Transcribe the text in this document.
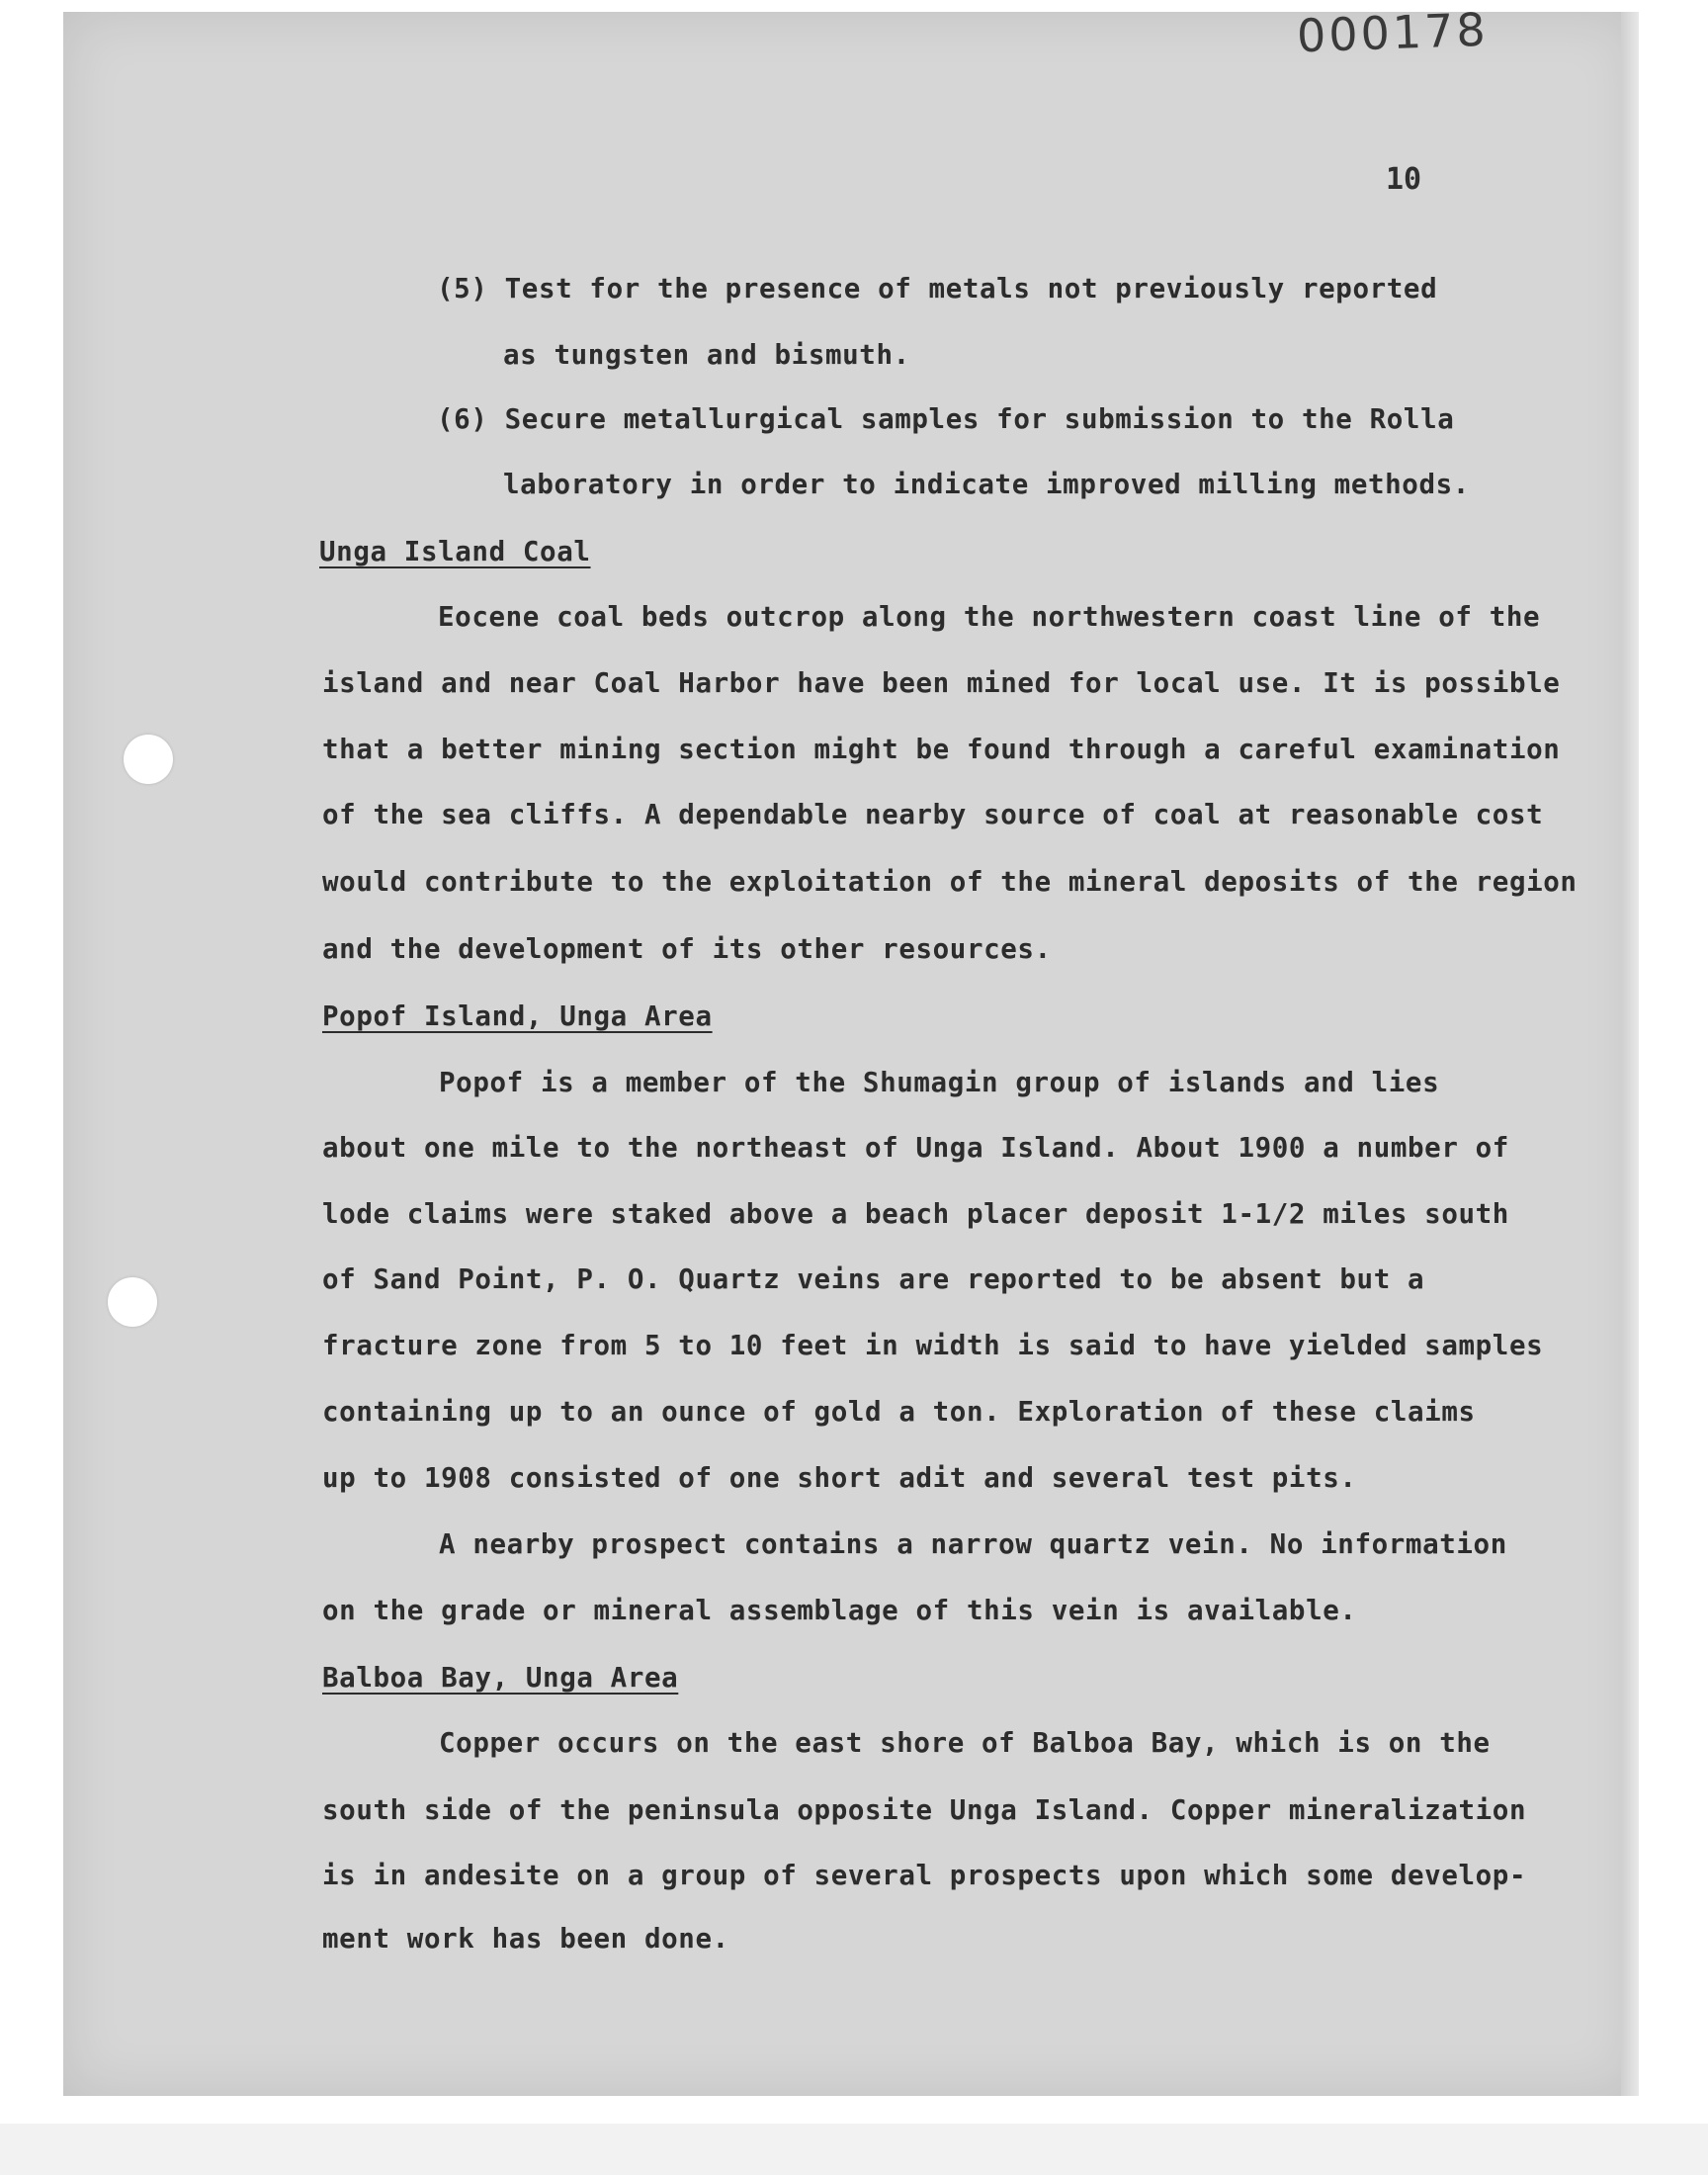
000178
10
(5) Test for the presence of metals not previously reported
as tungsten and bismuth.
(6) Secure metallurgical samples for submission to the Rolla
laboratory in order to indicate improved milling methods.
Unga Island Coal
Eocene coal beds outcrop along the northwestern coast line of the
island and near Coal Harbor have been mined for local use. It is possible
that a better mining section might be found through a careful examination
of the sea cliffs. A dependable nearby source of coal at reasonable cost
would contribute to the exploitation of the mineral deposits of the region
and the development of its other resources.
Popof Island, Unga Area
Popof is a member of the Shumagin group of islands and lies
about one mile to the northeast of Unga Island. About 1900 a number of
lode claims were staked above a beach placer deposit 1-1/2 miles south
of Sand Point, P. O. Quartz veins are reported to be absent but a
fracture zone from 5 to 10 feet in width is said to have yielded samples
containing up to an ounce of gold a ton. Exploration of these claims
up to 1908 consisted of one short adit and several test pits.
A nearby prospect contains a narrow quartz vein. No information
on the grade or mineral assemblage of this vein is available.
Balboa Bay, Unga Area
Copper occurs on the east shore of Balboa Bay, which is on the
south side of the peninsula opposite Unga Island. Copper mineralization
is in andesite on a group of several prospects upon which some develop-
ment work has been done.
